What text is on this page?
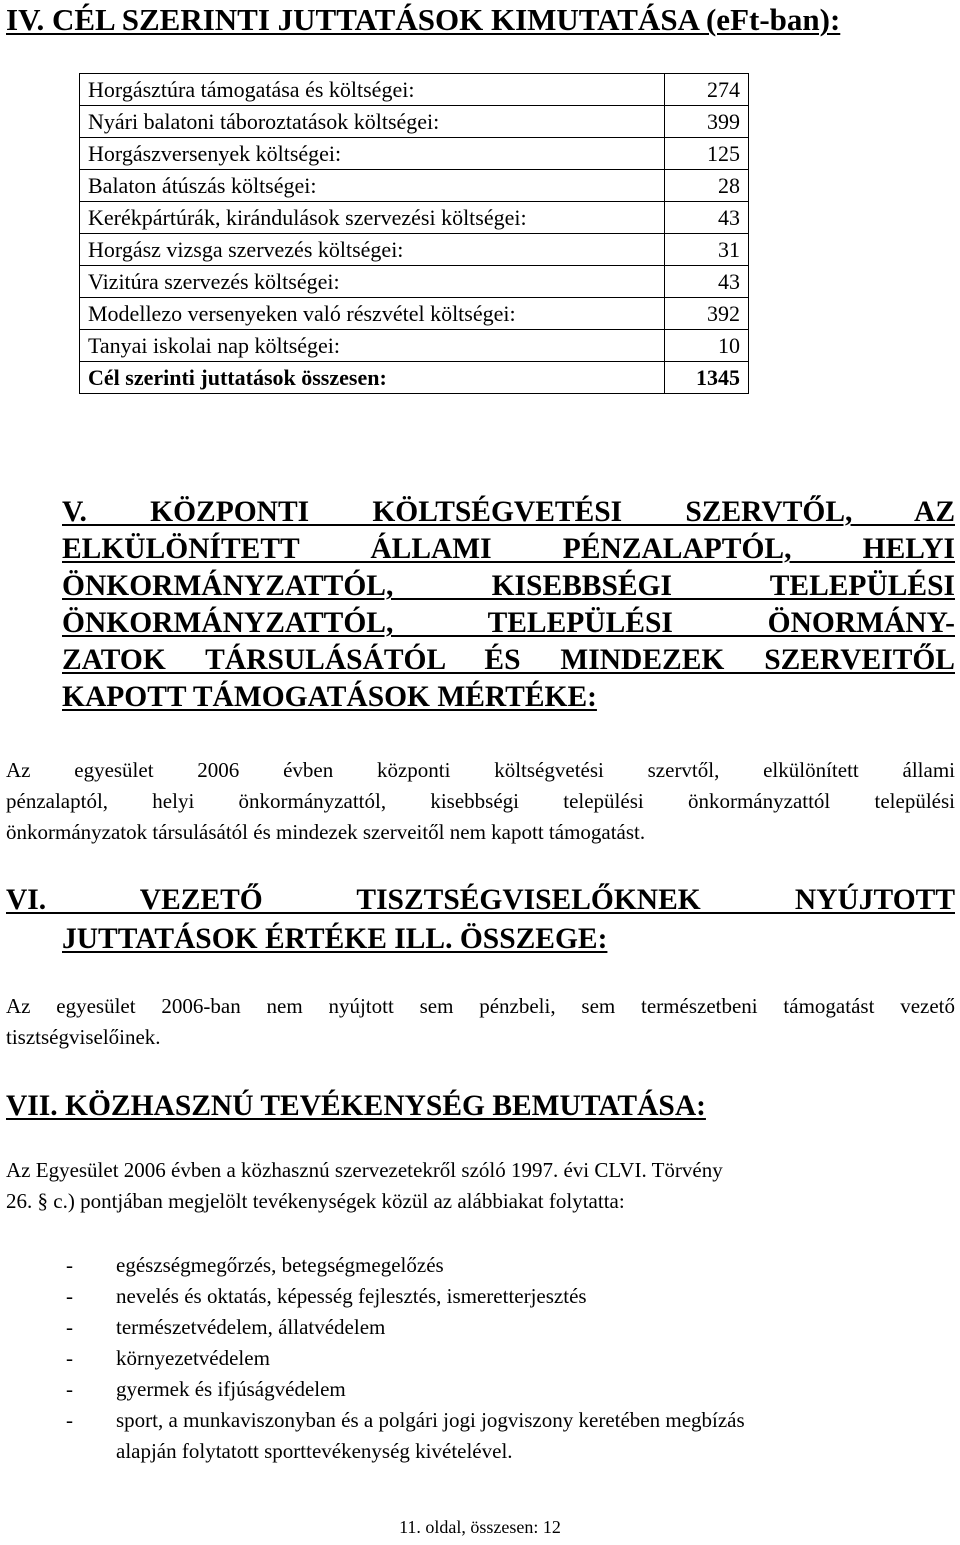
IV. CÉL SZERINTI JUTTATÁSOK KIMUTATÁSA (eFt-ban):
Horgásztúra támogatása és költségei:	274
Nyári balatoni táboroztatások költségei:	399
Horgászversenyek költségei:	125
Balaton átúszás költségei:	28
Kerékpártúrák, kirándulások szervezési költségei:	43
Horgász vizsga szervezés költségei:	31
Vizitúra szervezés költségei:	43
Modellezo versenyeken való részvétel költségei:	392
Tanyai iskolai nap költségei:	10
Cél szerinti juttatások összesen:	1345
V. KÖZPONTI KÖLTSÉGVETÉSI SZERVTŐL, AZ
ELKÜLÖNÍTETT ÁLLAMI PÉNZALAPTÓL, HELYI
ÖNKORMÁNYZATTÓL, KISEBBSÉGI TELEPÜLÉSI
ÖNKORMÁNYZATTÓL, TELEPÜLÉSI ÖNORMÁNY-
ZATOK TÁRSULÁSÁTÓL ÉS MINDEZEK SZERVEITŐL
KAPOTT TÁMOGATÁSOK MÉRTÉKE:
Az egyesület 2006 évben központi költségvetési szervtől, elkülönített állami
pénzalaptól, helyi önkormányzattól, kisebbségi települési önkormányzattól települési
önkormányzatok társulásától és mindezek szerveitől nem kapott támogatást.
VI. VEZETŐ TISZTSÉGVISELŐKNEK NYÚJTOTT
JUTTATÁSOK ÉRTÉKE ILL. ÖSSZEGE:
Az egyesület 2006-ban nem nyújtott sem pénzbeli, sem természetbeni támogatást vezető
tisztségviselőinek.
VII. KÖZHASZNÚ TEVÉKENYSÉG BEMUTATÁSA:
Az Egyesület 2006 évben a közhasznú szervezetekről szóló 1997. évi CLVI. Törvény
26. § c.) pontjában megjelölt tevékenységek közül az alábbiakat folytatta:
- egészségmegőrzés, betegségmegelőzés
- nevelés és oktatás, képesség fejlesztés, ismeretterjesztés
- természetvédelem, állatvédelem
- környezetvédelem
- gyermek és ifjúságvédelem
- sport, a munkaviszonyban és a polgári jogi jogviszony keretében megbízás
alapján folytatott sporttevékenység kivételével.
11. oldal, összesen: 12
